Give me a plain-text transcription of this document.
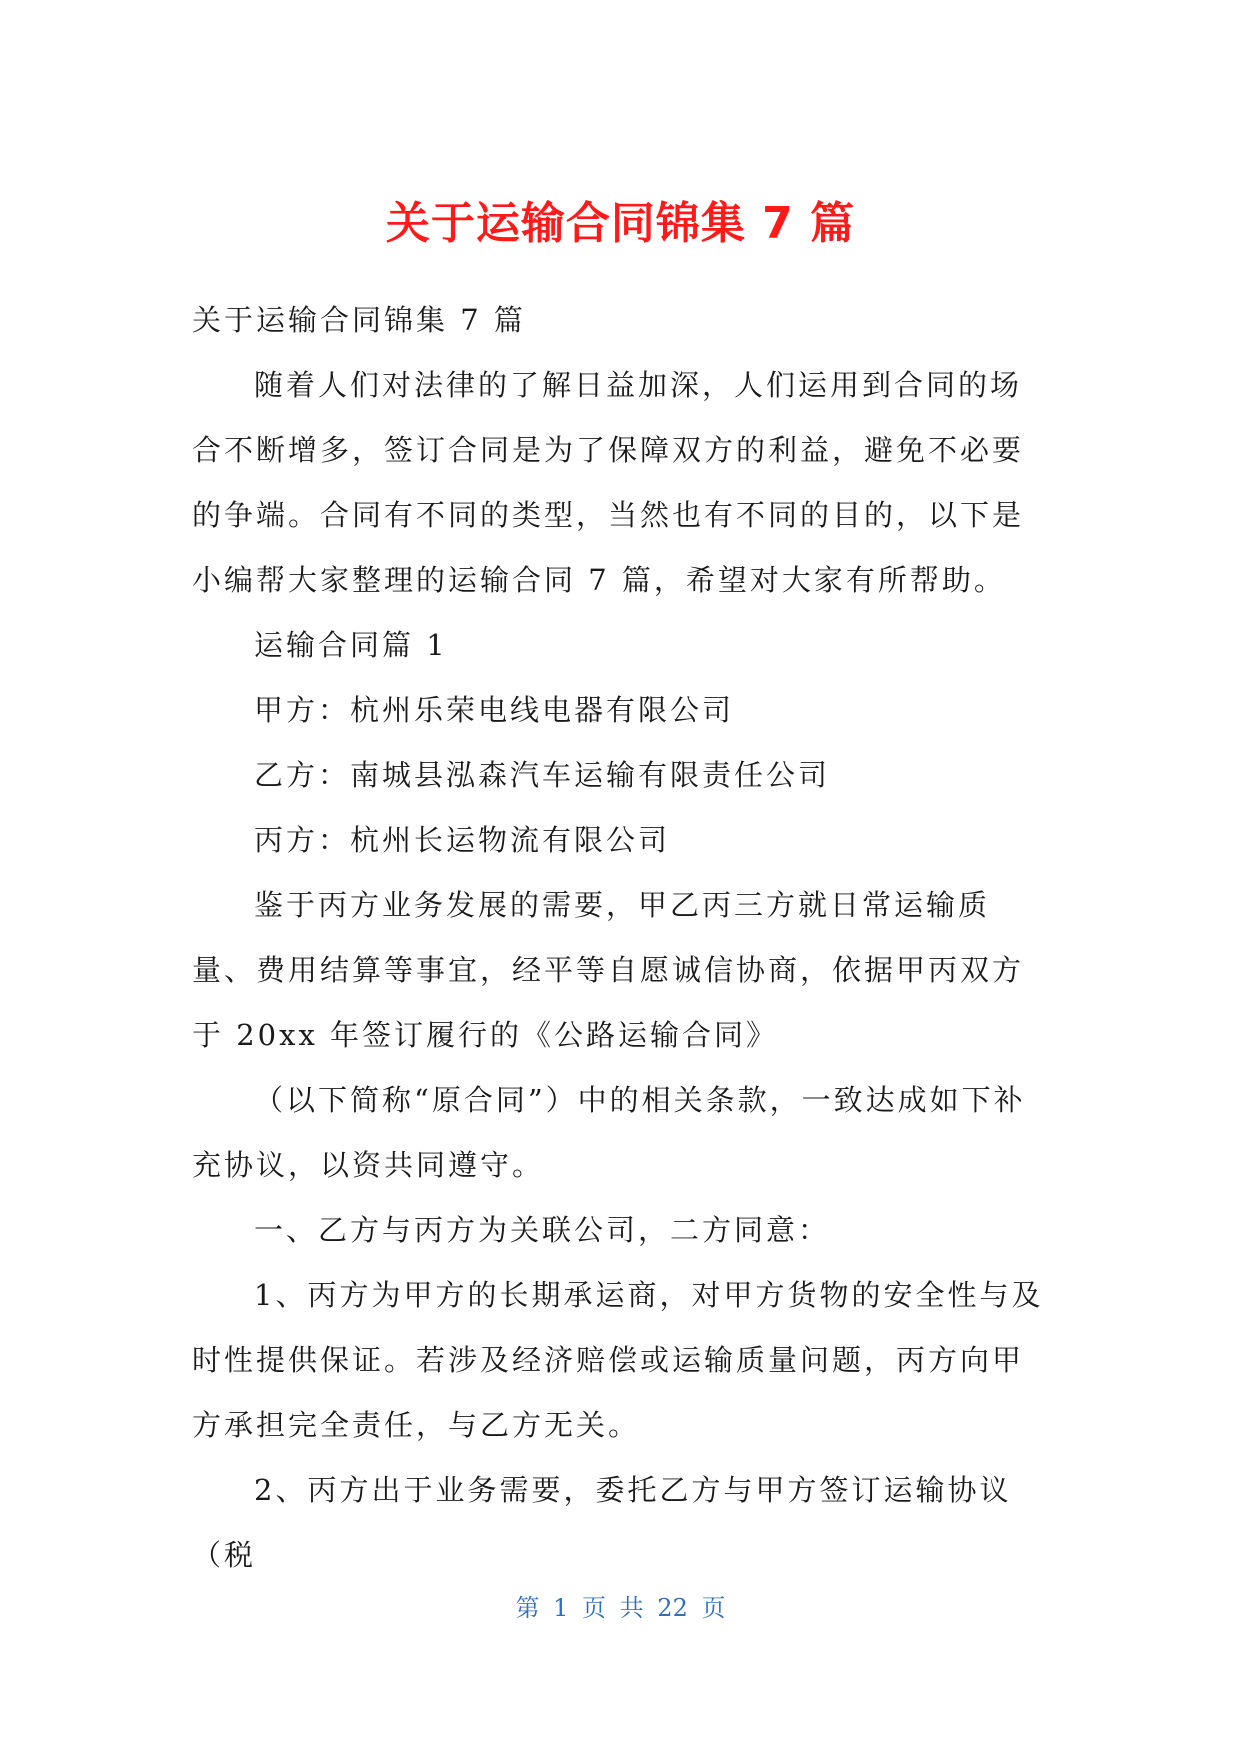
关于运输合同锦集 7 篇

关于运输合同锦集 7 篇

随着人们对法律的了解日益加深，人们运用到合同的场合不断增多，签订合同是为了保障双方的利益，避免不必要的争端。合同有不同的类型，当然也有不同的目的，以下是小编帮大家整理的运输合同 7 篇，希望对大家有所帮助。

运输合同篇 1

甲方：杭州乐荣电线电器有限公司

乙方：南城县泓森汽车运输有限责任公司

丙方：杭州长运物流有限公司

鉴于丙方业务发展的需要，甲乙丙三方就日常运输质量、费用结算等事宜，经平等自愿诚信协商，依据甲丙双方于 20xx 年签订履行的《公路运输合同》

（以下简称“原合同”）中的相关条款，一致达成如下补充协议，以资共同遵守。

一、乙方与丙方为关联公司，二方同意：

1、丙方为甲方的长期承运商，对甲方货物的安全性与及时性提供保证。若涉及经济赔偿或运输质量问题，丙方向甲方承担完全责任，与乙方无关。

2、丙方出于业务需要，委托乙方与甲方签订运输协议（税

第 1 页 共 22 页
